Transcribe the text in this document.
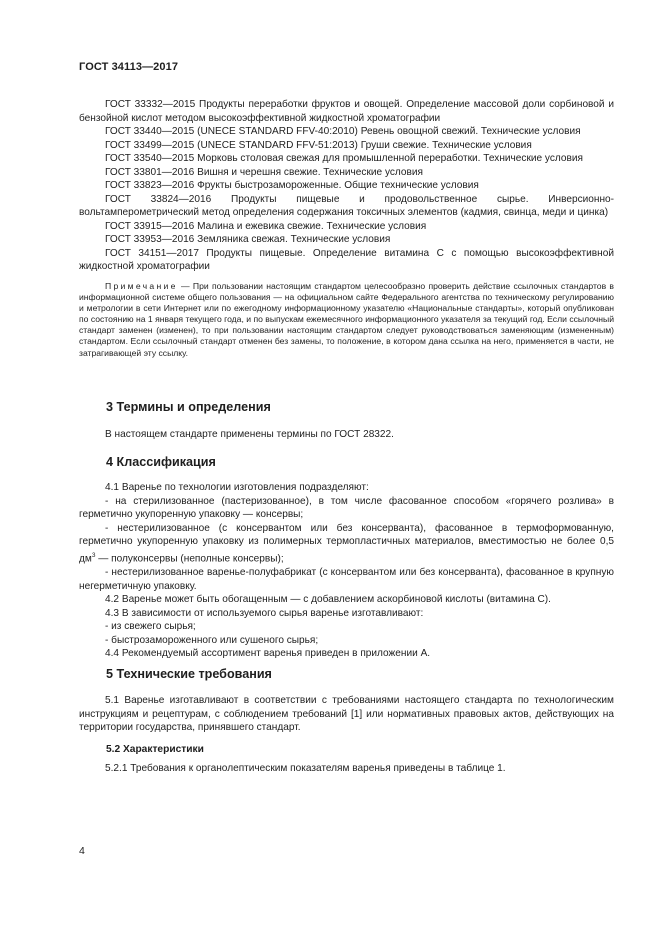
ГОСТ 34113—2017

ГОСТ 33332—2015 Продукты переработки фруктов и овощей. Определение массовой доли сорбиновой и бензойной кислот методом высокоэффективной жидкостной хроматографии

ГОСТ 33440—2015 (UNECE STANDARD FFV-40:2010) Ревень овощной свежий. Технические условия

ГОСТ 33499—2015 (UNECE STANDARD FFV-51:2013) Груши свежие. Технические условия

ГОСТ 33540—2015 Морковь столовая свежая для промышленной переработки. Технические условия

ГОСТ 33801—2016 Вишня и черешня свежие. Технические условия

ГОСТ 33823—2016 Фрукты быстрозамороженные. Общие технические условия

ГОСТ 33824—2016 Продукты пищевые и продовольственное сырье. Инверсионно-вольтамперометрический метод определения содержания токсичных элементов (кадмия, свинца, меди и цинка)

ГОСТ 33915—2016 Малина и ежевика свежие. Технические условия

ГОСТ 33953—2016 Земляника свежая. Технические условия

ГОСТ 34151—2017 Продукты пищевые. Определение витамина С с помощью высокоэффективной жидкостной хроматографии

Примечание — При пользовании настоящим стандартом целесообразно проверить действие ссылочных стандартов в информационной системе общего пользования — на официальном сайте Федерального агентства по техническому регулированию и метрологии в сети Интернет или по ежегодному информационному указателю «Национальные стандарты», который опубликован по состоянию на 1 января текущего года, и по выпускам ежемесячного информационного указателя за текущий год. Если ссылочный стандарт заменен (изменен), то при пользовании настоящим стандартом следует руководствоваться заменяющим (измененным) стандартом. Если ссылочный стандарт отменен без замены, то положение, в котором дана ссылка на него, применяется в части, не затрагивающей эту ссылку.

3 Термины и определения

В настоящем стандарте применены термины по ГОСТ 28322.

4 Классификация

4.1 Варенье по технологии изготовления подразделяют:

- на стерилизованное (пастеризованное), в том числе фасованное способом «горячего розлива» в герметично укупоренную упаковку — консервы;

- нестерилизованное (с консервантом или без консерванта), фасованное в термоформованную, герметично укупоренную упаковку из полимерных термопластичных материалов, вместимостью не более 0,5 $дм^3$ — полуконсервы (неполные консервы);

- нестерилизованное варенье-полуфабрикат (с консервантом или без консерванта), фасованное в крупную негерметичную упаковку.

4.2 Варенье может быть обогащенным — с добавлением аскорбиновой кислоты (витамина С).

4.3 В зависимости от используемого сырья варенье изготавливают:

- из свежего сырья;

- быстрозамороженного или сушеного сырья;

4.4 Рекомендуемый ассортимент варенья приведен в приложении А.

5 Технические требования

5.1 Варенье изготавливают в соответствии с требованиями настоящего стандарта по технологическим инструкциям и рецептурам, с соблюдением требований [1] или нормативных правовых актов, действующих на территории государства, принявшего стандарт.

5.2 Характеристики

5.2.1 Требования к органолептическим показателям варенья приведены в таблице 1.

4
